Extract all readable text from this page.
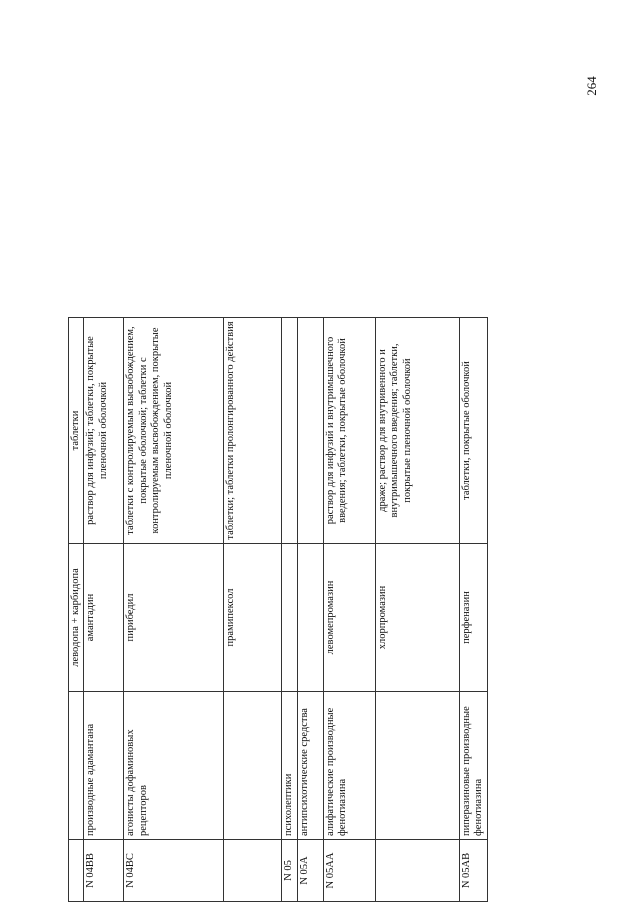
264
		леводопа + карбидопа	таблетки
N 04BB	производные адамантана	амантадин	раствор для инфузий; таблетки, покрытые пленочной оболочкой
N 04BC	агонисты дофаминовых рецепторов	пирибедил	таблетки с контролируемым высвобождением, покрытые оболочкой; таблетки с контролируемым высвобождением, покрытые пленочной оболочкой
		прамипексол	таблетки; таблетки пролонгированного действия
N 05	психолептики		
N 05A	антипсихотические средства		
N 05AA	алифатические производные фенотиазина	левомепромазин	раствор для инфузий и внутримышечного введения; таблетки, покрытые оболочкой
		хлорпромазин	драже; раствор для внутривенного и внутримышечного введения; таблетки, покрытые пленочной оболочкой
N 05AB	пиперазиновые производные фенотиазина	перфеназин	таблетки, покрытые оболочкой
